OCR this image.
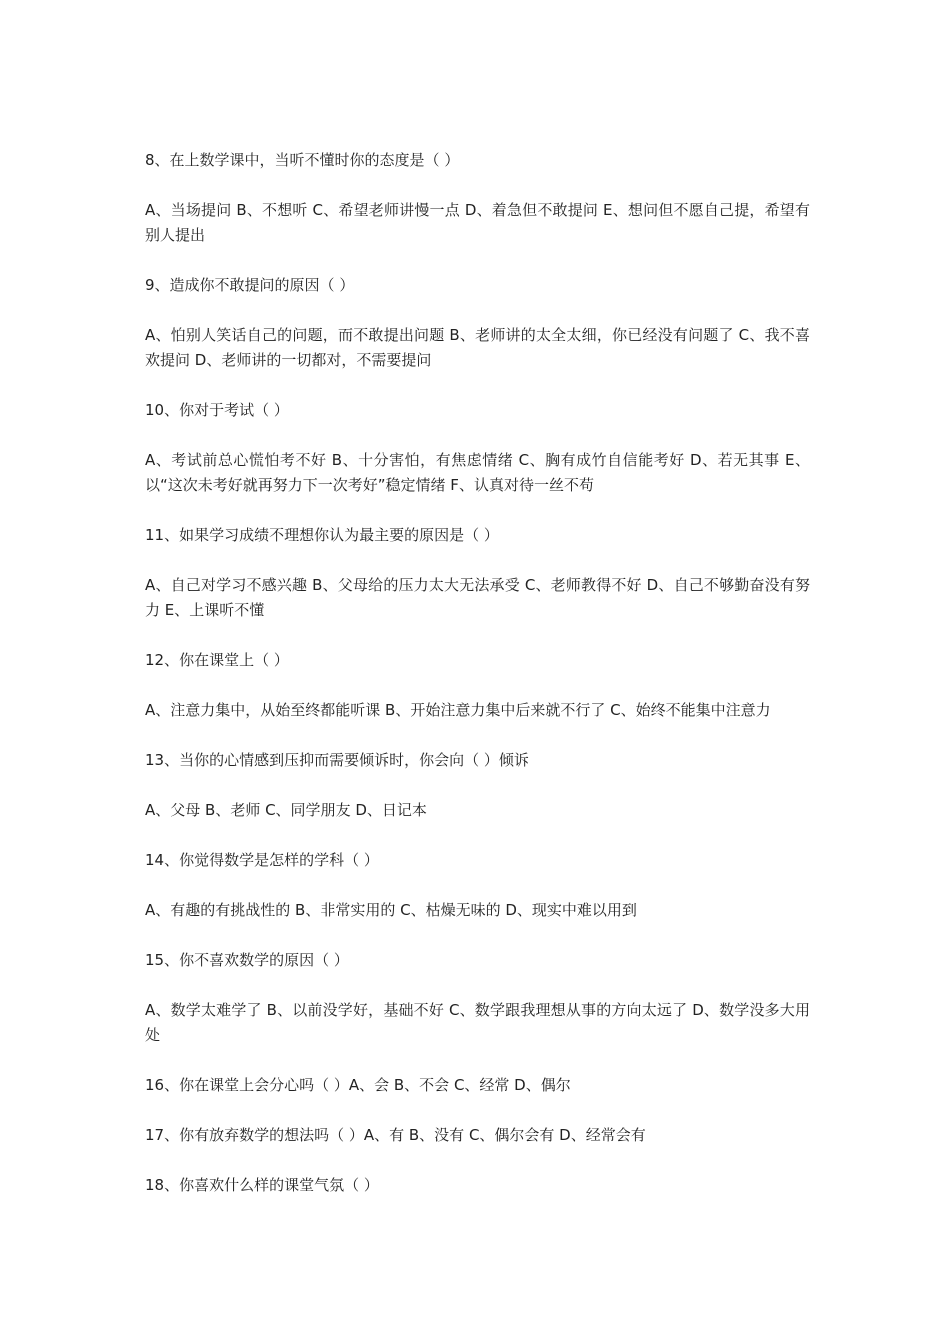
8、在上数学课中，当听不懂时你的态度是（ ）

A、当场提问 B、不想听 C、希望老师讲慢一点 D、着急但不敢提问 E、想问但不愿自己提，希望有别人提出

9、造成你不敢提问的原因（ ）

A、怕别人笑话自己的问题，而不敢提出问题 B、老师讲的太全太细，你已经没有问题了 C、我不喜欢提问 D、老师讲的一切都对，不需要提问

10、你对于考试（ ）

A、考试前总心慌怕考不好 B、十分害怕，有焦虑情绪 C、胸有成竹自信能考好 D、若无其事 E、以“这次未考好就再努力下一次考好”稳定情绪 F、认真对待一丝不苟

11、如果学习成绩不理想你认为最主要的原因是（ ）

A、自己对学习不感兴趣 B、父母给的压力太大无法承受 C、老师教得不好 D、自己不够勤奋没有努力 E、上课听不懂

12、你在课堂上（ ）

A、注意力集中，从始至终都能听课 B、开始注意力集中后来就不行了 C、始终不能集中注意力

13、当你的心情感到压抑而需要倾诉时，你会向（ ）倾诉

A、父母 B、老师 C、同学朋友 D、日记本

14、你觉得数学是怎样的学科（ ）

A、有趣的有挑战性的 B、非常实用的 C、枯燥无味的 D、现实中难以用到

15、你不喜欢数学的原因（ ）

A、数学太难学了 B、以前没学好，基础不好 C、数学跟我理想从事的方向太远了 D、数学没多大用处

16、你在课堂上会分心吗（ ）A、会 B、不会 C、经常 D、偶尔

17、你有放弃数学的想法吗（ ）A、有 B、没有 C、偶尔会有 D、经常会有

18、你喜欢什么样的课堂气氛（ ）
